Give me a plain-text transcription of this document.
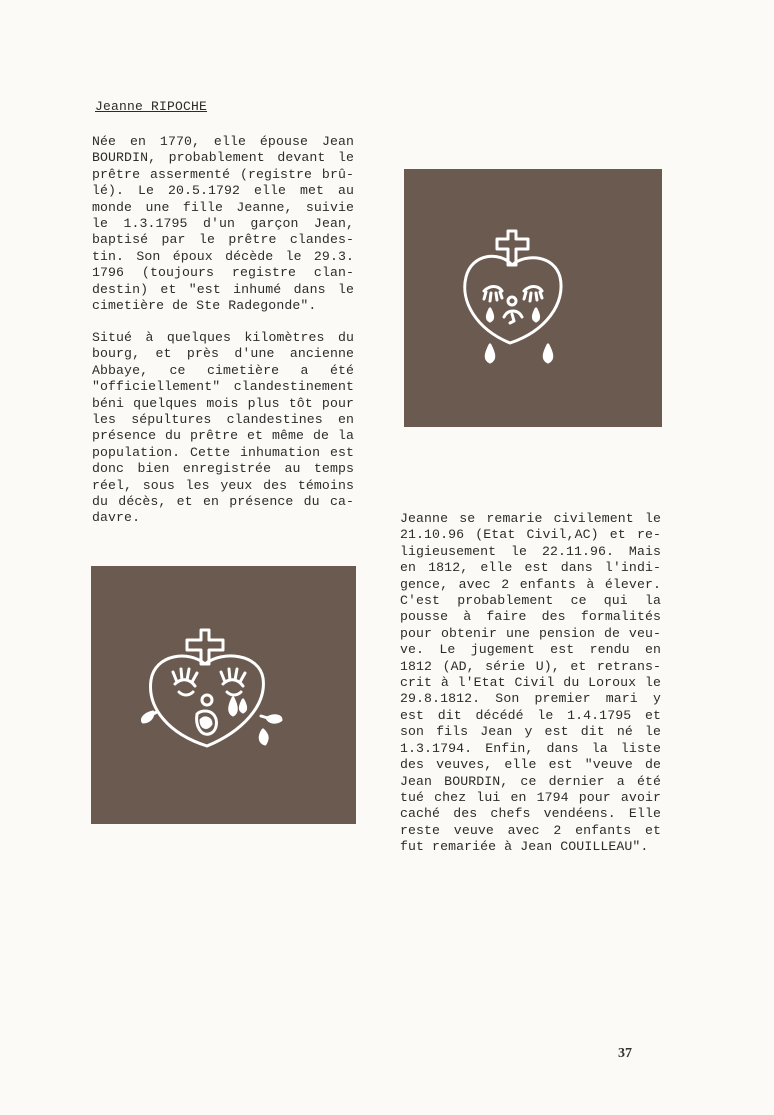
Jeanne RIPOCHE

Née en 1770, elle épouse Jean
BOURDIN, probablement devant le
prêtre assermenté (registre brû-
lé). Le 20.5.1792 elle met au
monde une fille Jeanne, suivie
le 1.3.1795 d'un garçon Jean,
baptisé par le prêtre clandes-
tin. Son époux décède le 29.3.
1796 (toujours registre clan-
destin) et "est inhumé dans le
cimetière de Ste Radegonde".

Situé à quelques kilomètres du
bourg, et près d'une ancienne
Abbaye, ce cimetière a été
"officiellement" clandestinement
béni quelques mois plus tôt pour
les sépultures clandestines en
présence du prêtre et même de la
population. Cette inhumation est
donc bien enregistrée au temps
réel, sous les yeux des témoins
du décès, et en présence du ca-
davre.	Jeanne se remarie civilement le
21.10.96 (Etat Civil,AC) et re-
ligieusement le 22.11.96. Mais
en 1812, elle est dans l'indi-
gence, avec 2 enfants à élever.
C'est probablement ce qui la
pousse à faire des formalités
pour obtenir une pension de veu-
ve. Le jugement est rendu en
1812 (AD, série U), et retrans-
crit à l'Etat Civil du Loroux le
29.8.1812. Son premier mari y
est dit décédé le 1.4.1795 et
son fils Jean y est dit né le
1.3.1794. Enfin, dans la liste
des veuves, elle est "veuve de
Jean BOURDIN, ce dernier a été
tué chez lui en 1794 pour avoir
caché des chefs vendéens. Elle
reste veuve avec 2 enfants et
fut remariée à Jean COUILLEAU".

37
